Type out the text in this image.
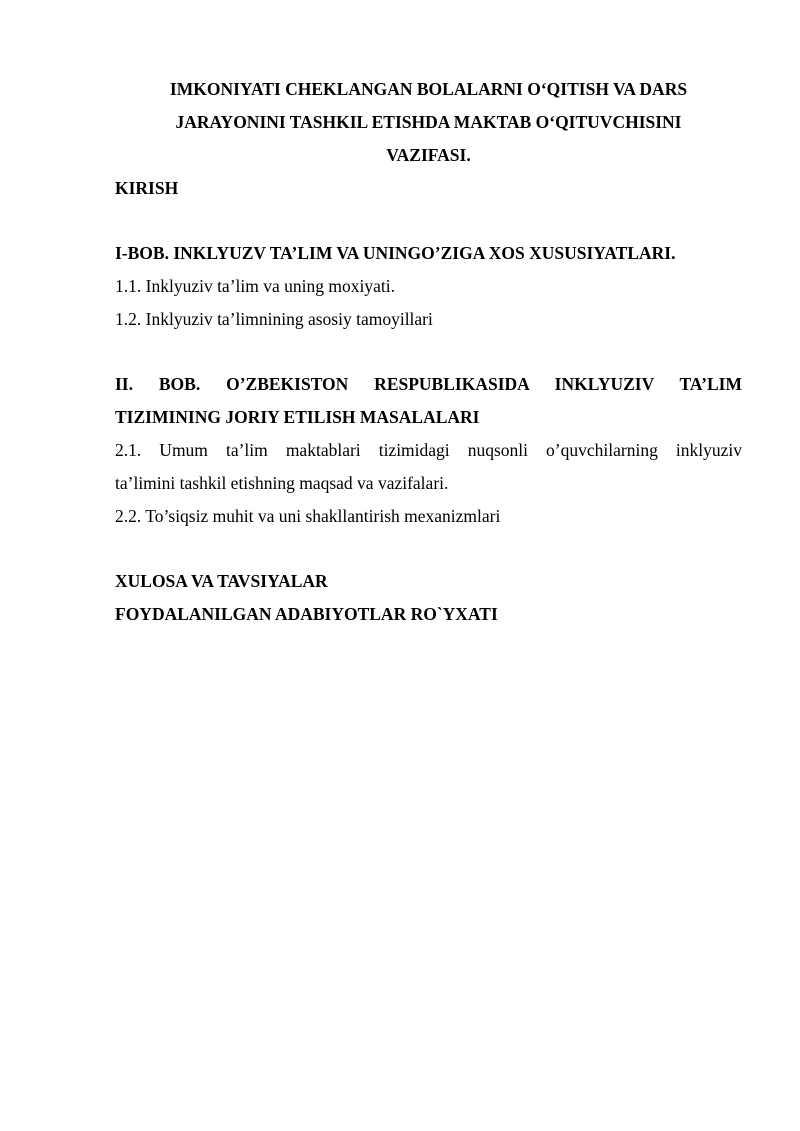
IMKONIYATI CHEKLANGAN BOLALARNI O‘QITISH VA DARS

JARAYONINI TASHKIL ETISHDA MAKTAB O‘QITUVCHISINI

VAZIFASI.

KIRISH

I-BOB. INKLYUZV TA’LIM VA UNINGO’ZIGA XOS XUSUSIYATLARI.

1.1. Inklyuziv ta’lim va uning moxiyati.

1.2. Inklyuziv ta’limnining asosiy tamoyillari

II. BOB. O’ZBEKISTON RESPUBLIKASIDA INKLYUZIV TA’LIM

TIZIMINING JORIY ETILISH MASALALARI

2.1. Umum ta’lim maktablari tizimidagi nuqsonli o’quvchilarning inklyuziv

ta’limini tashkil etishning maqsad va vazifalari.

2.2. To’siqsiz muhit va uni shakllantirish mexanizmlari

XULOSA VA TAVSIYALAR

FOYDALANILGAN ADABIYOTLAR RO`YXATI
